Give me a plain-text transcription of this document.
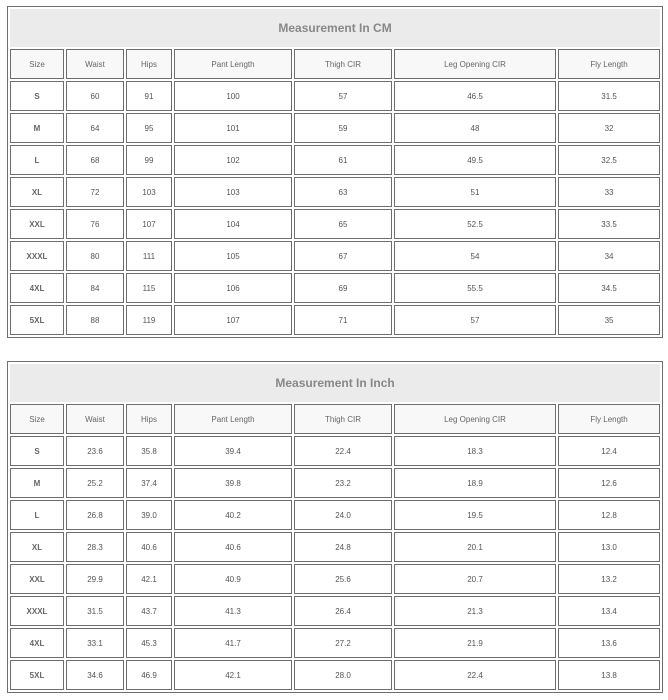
Measurement In CM						
Size	Waist	Hips	Pant Length	Thigh CIR	Leg Opening CIR	Fly Length
S	60	91	100	57	46.5	31.5
M	64	95	101	59	48	32
L	68	99	102	61	49.5	32.5
XL	72	103	103	63	51	33
XXL	76	107	104	65	52.5	33.5
XXXL	80	111	105	67	54	34
4XL	84	115	106	69	55.5	34.5
5XL	88	119	107	71	57	35
Measurement In Inch						
Size	Waist	Hips	Pant Length	Thigh CIR	Leg Opening CIR	Fly Length
S	23.6	35.8	39.4	22.4	18.3	12.4
M	25.2	37.4	39.8	23.2	18.9	12.6
L	26.8	39.0	40.2	24.0	19.5	12.8
XL	28.3	40.6	40.6	24.8	20.1	13.0
XXL	29.9	42.1	40.9	25.6	20.7	13.2
XXXL	31.5	43.7	41.3	26.4	21.3	13.4
4XL	33.1	45.3	41.7	27.2	21.9	13.6
5XL	34.6	46.9	42.1	28.0	22.4	13.8
